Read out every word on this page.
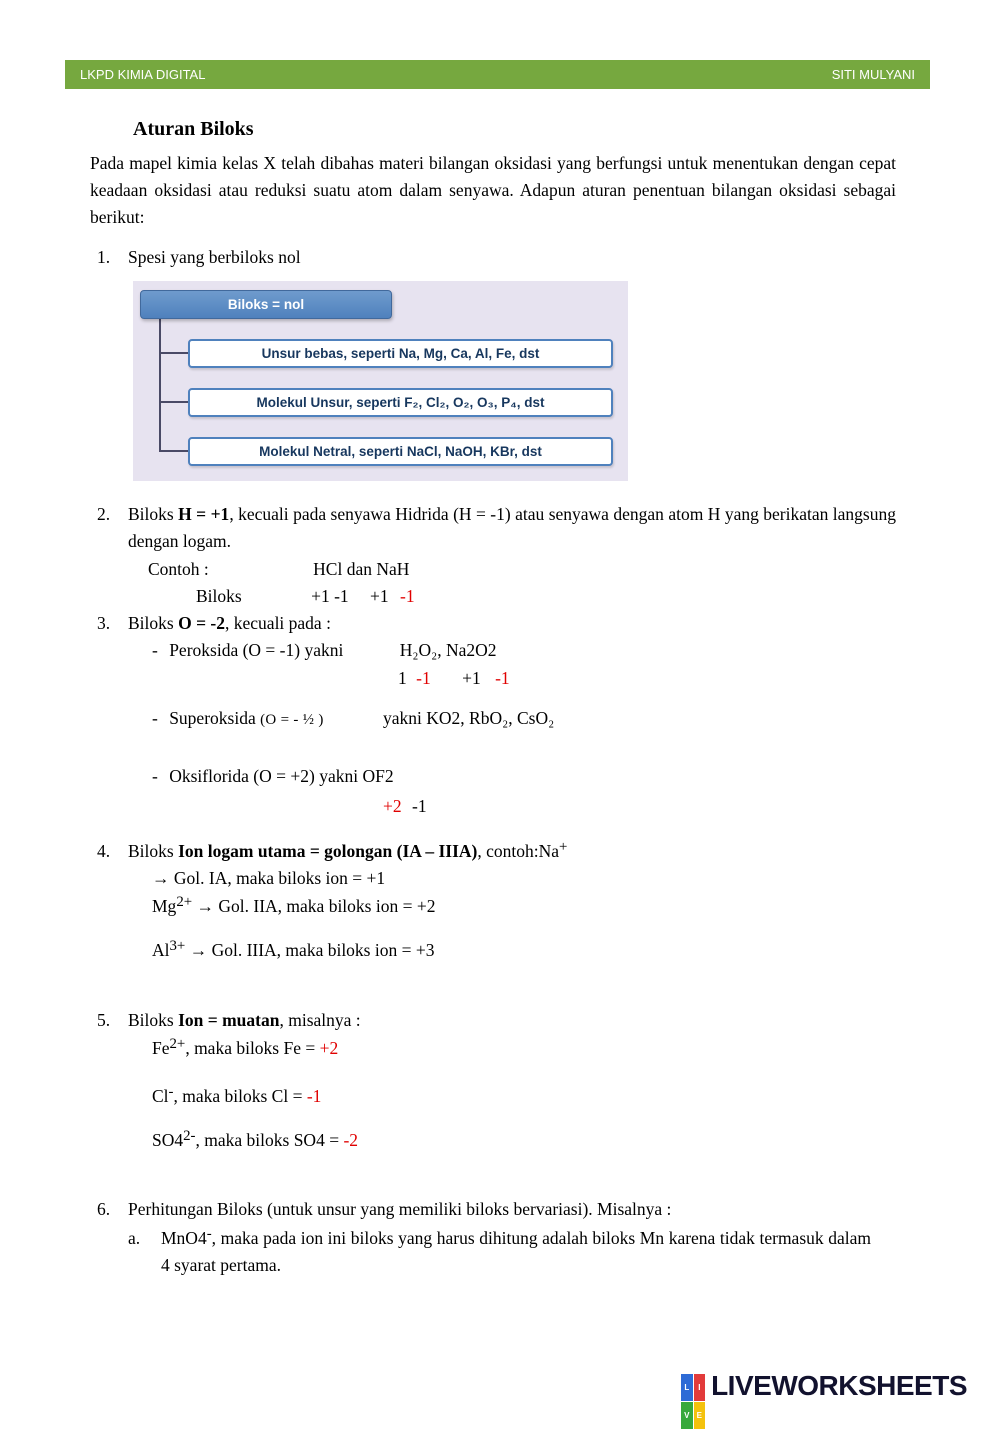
LKPD KIMIA DIGITAL	SITI MULYANI
Aturan Biloks

Pada mapel kimia kelas X telah dibahas materi bilangan oksidasi yang berfungsi untuk menentukan dengan cepat keadaan oksidasi atau reduksi suatu atom dalam senyawa. Adapun aturan penentuan bilangan oksidasi sebagai berikut:

1.	Spesi yang berbiloks nol
Biloks = nol
Unsur bebas, seperti Na, Mg, Ca, Al, Fe, dst
Molekul Unsur, seperti F₂, Cl₂, O₂, O₃, P₄, dst
Molekul Netral, seperti NaCl, NaOH, KBr, dst
2.	Biloks H = +1, kecuali pada senyawa Hidrida (H = -1) atau senyawa dengan atom H yang berikatan langsung dengan logam.
Contoh :	HCl dan NaH
Biloks	+1 -1 +1 -1
3.	Biloks O = -2, kecuali pada :
- Peroksida (O = -1) yakni	H₂O₂, Na2O2
1 -1 +1 -1
- Superoksida (O = - ½ )	yakni KO2, RbO₂, CsO₂
- Oksiflorida (O = +2) yakni OF2
+2 -1
4.	Biloks Ion logam utama = golongan (IA – IIIA), contoh:Na+
→ Gol. IA, maka biloks ion = +1
$Mg^{2+}$ → Gol. IIA, maka biloks ion = +2
$Al^{3+}$ → Gol. IIIA, maka biloks ion = +3
5.	Biloks Ion = muatan, misalnya :
$Fe^{2+}$, maka biloks Fe = +2
Cl-, maka biloks Cl = -1
$SO4^{2-}$, maka biloks SO4 = -2
6.	Perhitungan Biloks (untuk unsur yang memiliki biloks bervariasi). Misalnya :
a.	MnO4-, maka pada ion ini biloks yang harus dihitung adalah biloks Mn karena tidak termasuk dalam 4 syarat pertama.
L	I
V E
LIVEWORKSHEETS
